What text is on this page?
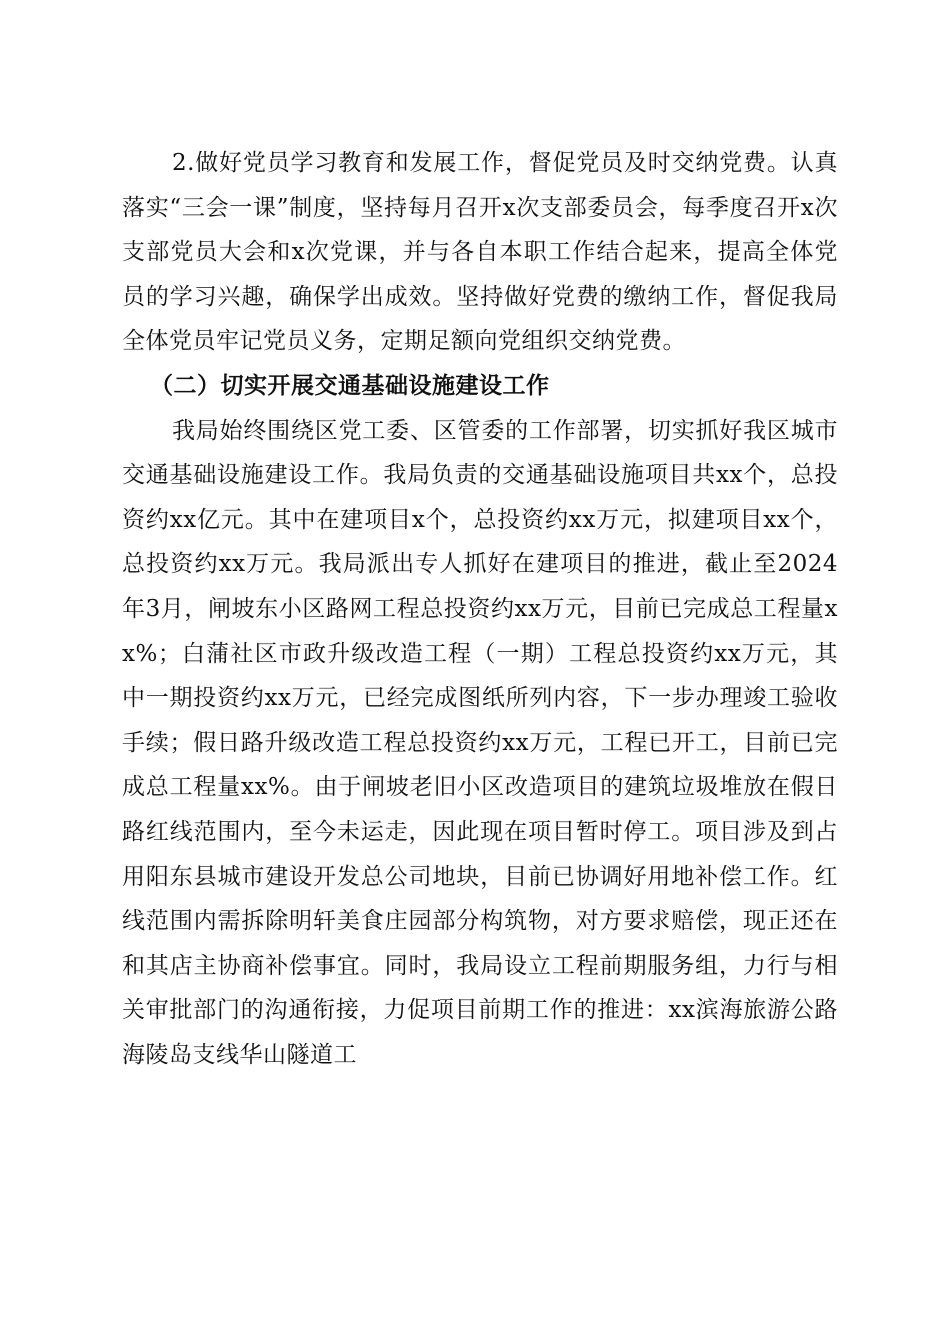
2.做好党员学习教育和发展工作，督促党员及时交纳党费。认真落实“三会一课”制度，坚持每月召开x次支部委员会，每季度召开x次支部党员大会和x次党课，并与各自本职工作结合起来，提高全体党员的学习兴趣，确保学出成效。坚持做好党费的缴纳工作，督促我局全体党员牢记党员义务，定期足额向党组织交纳党费。

（二）切实开展交通基础设施建设工作

我局始终围绕区党工委、区管委的工作部署，切实抓好我区城市交通基础设施建设工作。我局负责的交通基础设施项目共xx个，总投资约xx亿元。其中在建项目x个，总投资约xx万元，拟建项目xx个，总投资约xx万元。我局派出专人抓好在建项目的推进，截止至2024年3月，闸坡东小区路网工程总投资约xx万元，目前已完成总工程量xx%；白蒲社区市政升级改造工程（一期）工程总投资约xx万元，其中一期投资约xx万元，已经完成图纸所列内容，下一步办理竣工验收手续；假日路升级改造工程总投资约xx万元，工程已开工，目前已完成总工程量xx%。由于闸坡老旧小区改造项目的建筑垃圾堆放在假日路红线范围内，至今未运走，因此现在项目暂时停工。项目涉及到占用阳东县城市建设开发总公司地块，目前已协调好用地补偿工作。红线范围内需拆除明轩美食庄园部分构筑物，对方要求赔偿，现正还在和其店主协商补偿事宜。同时，我局设立工程前期服务组，力行与相关审批部门的沟通衔接，力促项目前期工作的推进：xx滨海旅游公路海陵岛支线华山隧道工
